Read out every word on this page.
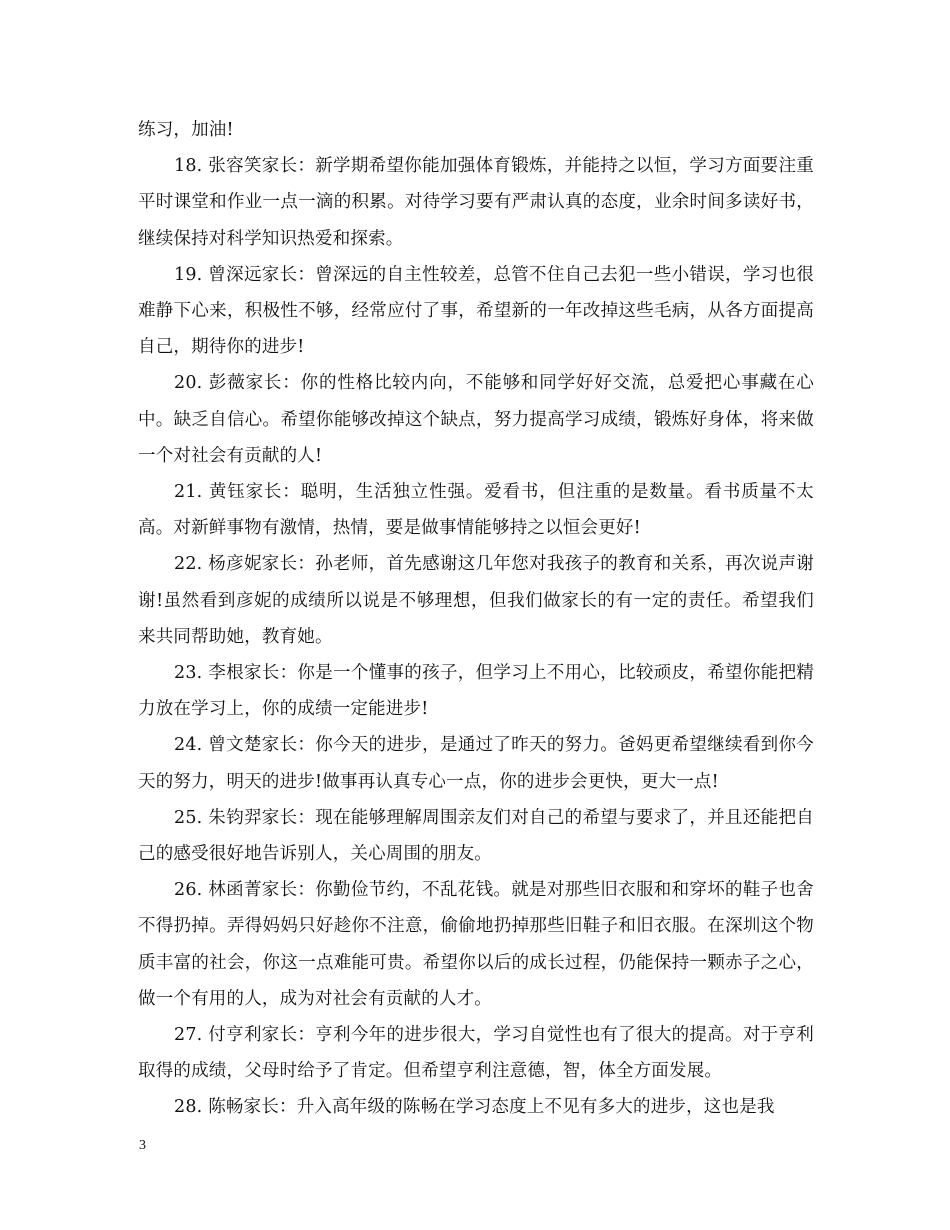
练习，加油!

18. 张容笑家长：新学期希望你能加强体育锻炼，并能持之以恒，学习方面要注重平时课堂和作业一点一滴的积累。对待学习要有严肃认真的态度，业余时间多读好书，继续保持对科学知识热爱和探索。

19. 曾深远家长：曾深远的自主性较差，总管不住自己去犯一些小错误，学习也很难静下心来，积极性不够，经常应付了事，希望新的一年改掉这些毛病，从各方面提高自己，期待你的进步!

20. 彭薇家长：你的性格比较内向，不能够和同学好好交流，总爱把心事藏在心中。缺乏自信心。希望你能够改掉这个缺点，努力提高学习成绩，锻炼好身体，将来做一个对社会有贡献的人!

21. 黄钰家长：聪明，生活独立性强。爱看书，但注重的是数量。看书质量不太高。对新鲜事物有激情，热情，要是做事情能够持之以恒会更好!

22. 杨彦妮家长：孙老师，首先感谢这几年您对我孩子的教育和关系，再次说声谢谢!虽然看到彦妮的成绩所以说是不够理想，但我们做家长的有一定的责任。希望我们来共同帮助她，教育她。

23. 李根家长：你是一个懂事的孩子，但学习上不用心，比较顽皮，希望你能把精力放在学习上，你的成绩一定能进步!

24. 曾文楚家长：你今天的进步，是通过了昨天的努力。爸妈更希望继续看到你今天的努力，明天的进步!做事再认真专心一点，你的进步会更快，更大一点!

25. 朱钧羿家长：现在能够理解周围亲友们对自己的希望与要求了，并且还能把自己的感受很好地告诉别人，关心周围的朋友。

26. 林函菁家长：你勤俭节约，不乱花钱。就是对那些旧衣服和和穿坏的鞋子也舍不得扔掉。弄得妈妈只好趁你不注意，偷偷地扔掉那些旧鞋子和旧衣服。在深圳这个物质丰富的社会，你这一点难能可贵。希望你以后的成长过程，仍能保持一颗赤子之心，做一个有用的人，成为对社会有贡献的人才。

27. 付亨利家长：亨利今年的进步很大，学习自觉性也有了很大的提高。对于亨利取得的成绩，父母时给予了肯定。但希望亨利注意德，智，体全方面发展。

28. 陈畅家长：升入高年级的陈畅在学习态度上不见有多大的进步，这也是我

3
